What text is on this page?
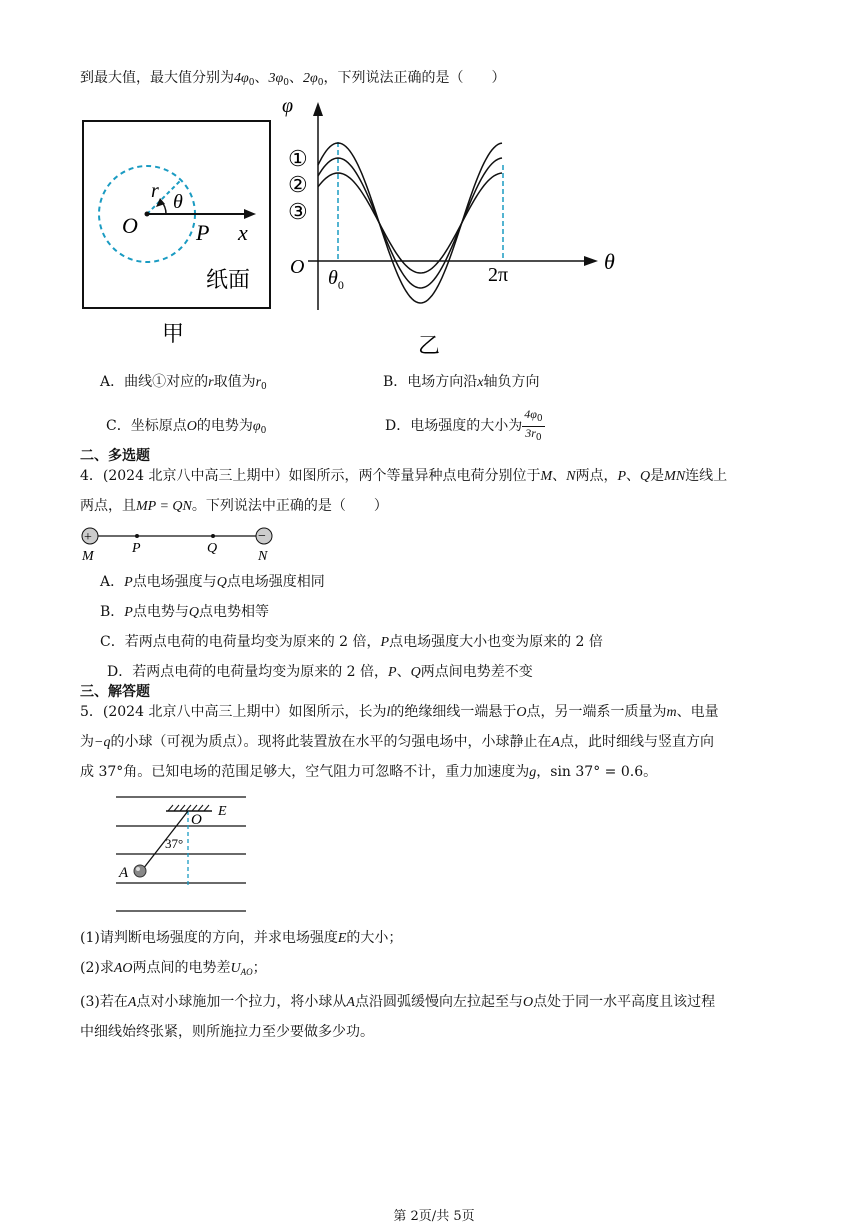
到最大值，最大值分别为$4\varphi_0$、$3\varphi_0$、$2\varphi_0$，下列说法正确的是（　　）
r θ
O	P x
纸面
甲
φ
θ
O $\theta_0$	2π
①
②
③
乙
A．曲线①对应的r取值为$r_0$	B．电场方向沿x轴负方向
C．坐标原点O的电势为$\varphi_0$	D．电场强度的大小为 $\frac{4\varphi_0}{3r_0}$
二、多选题
4．(2024 北京八中高三上期中）如图所示，两个等量异种点电荷分别位于M、N两点，P、Q是MN连线上
两点，且MP = QN。下列说法中正确的是（　　）
+	−
M
P	Q
N
A．P点电场强度与Q点电场强度相同
B．P点电势与Q点电势相等
C．若两点电荷的电荷量均变为原来的 2 倍，P点电场强度大小也变为原来的 2 倍
D．若两点电荷的电荷量均变为原来的 2 倍，P、Q两点间电势差不变
三、解答题
5．(2024 北京八中高三上期中）如图所示，长为l的绝缘细线一端悬于O点，另一端系一质量为m、电量
为−q的小球（可视为质点）。现将此装置放在水平的匀强电场中，小球静止在A点，此时细线与竖直方向
成 37°角。已知电场的范围足够大，空气阻力可忽略不计，重力加速度为g，sin 37° = 0.6。
E
O
37°
A
(1)请判断电场强度的方向，并求电场强度E的大小；
(2)求AO两点间的电势差$U_{AO}$；
(3)若在A点对小球施加一个拉力，将小球从A点沿圆弧缓慢向左拉起至与O点处于同一水平高度且该过程
中细线始终张紧，则所施拉力至少要做多少功。
第 2页/共 5页
